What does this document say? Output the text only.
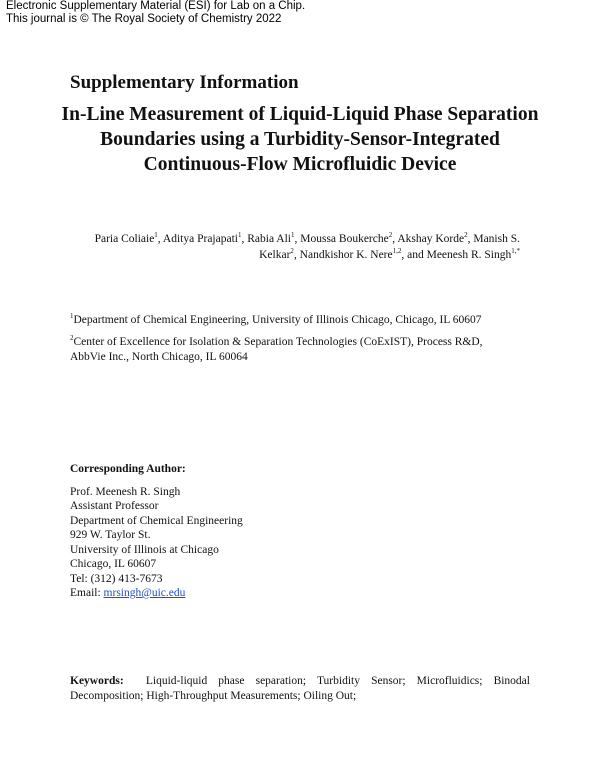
Electronic Supplementary Material (ESI) for Lab on a Chip.
This journal is © The Royal Society of Chemistry 2022
Supplementary Information
In-Line Measurement of Liquid-Liquid Phase Separation
Boundaries using a Turbidity-Sensor-Integrated
Continuous-Flow Microfluidic Device
Paria Coliaie$^1$, Aditya Prajapati$^1$, Rabia Ali$^1$, Moussa Boukerche$^2$, Akshay Korde$^2$, Manish S. Kelkar$^2$, Nandkishor K. Nere$^{1,2}$, and Meenesh R. Singh$^{1,*}$
$^1$Department of Chemical Engineering, University of Illinois Chicago, Chicago, IL 60607
$^2$Center of Excellence for Isolation & Separation Technologies (CoExIST), Process R&D, AbbVie Inc., North Chicago, IL 60064
Corresponding Author:
Prof. Meenesh R. Singh
Assistant Professor
Department of Chemical Engineering
929 W. Taylor St.
University of Illinois at Chicago
Chicago, IL 60607
Tel: (312) 413-7673
Email: mrsingh@uic.edu
Keywords: Liquid-liquid phase separation; Turbidity Sensor; Microfluidics; Binodal Decomposition; High-Throughput Measurements; Oiling Out;
